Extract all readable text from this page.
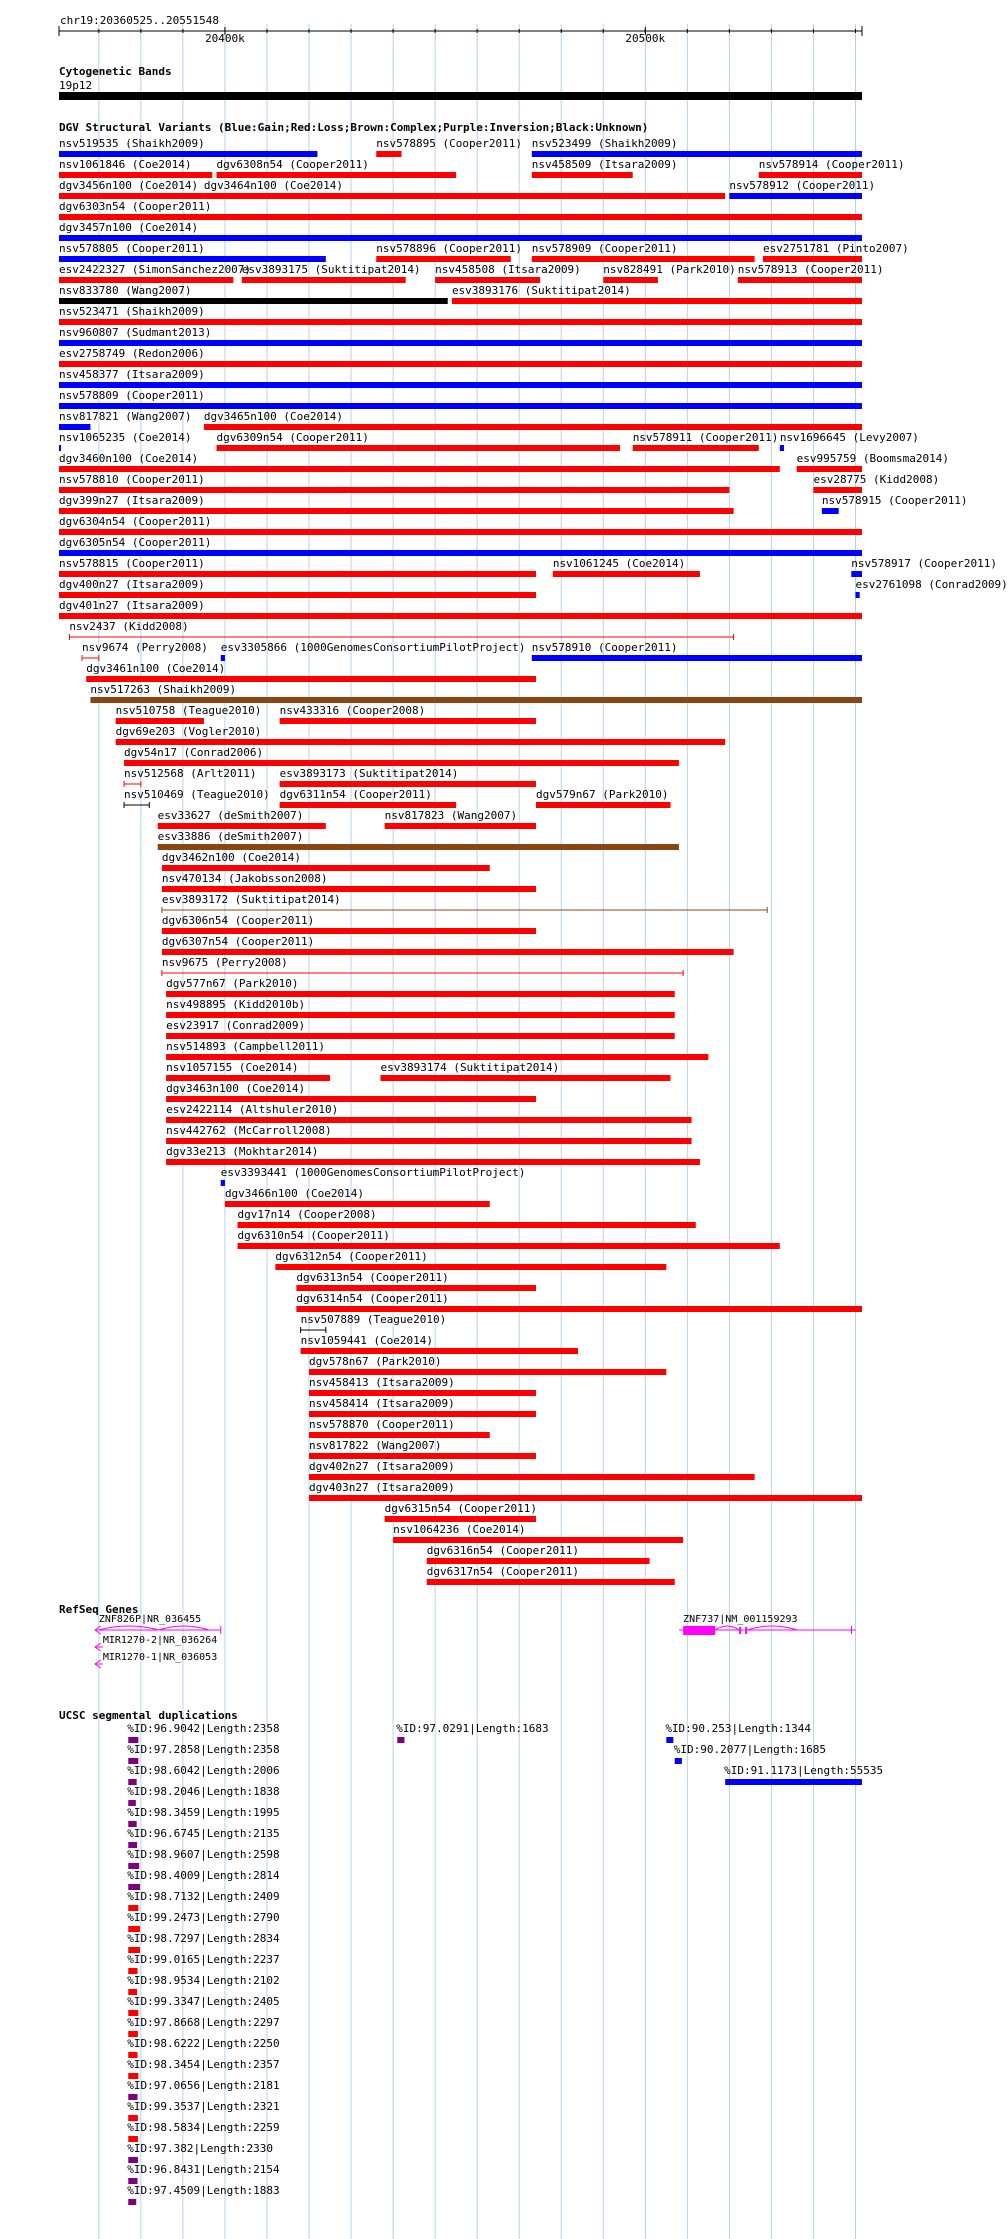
chr19:20360525..20551548
Cytogenetic Bands
19p12
DGV Structural Variants (Blue:Gain;Red:Loss;Brown:Complex;Purple:Inversion;Black:Unknown)
RefSeq Genes
UCSC segmental duplications
20400k	20500k
nsv519535 (Shaikh2009)	nsv578895 (Cooper2011) nsv523499 (Shaikh2009)
nsv1061846 (Coe2014) dgv6308n54 (Cooper2011)	nsv458509 (Itsara2009)	nsv578914 (Cooper2011)
dgv3456n100 (Coe2014) dgv3464n100 (Coe2014)	nsv578912 (Cooper2011)
dgv6303n54 (Cooper2011)
dgv3457n100 (Coe2014)
nsv578805 (Cooper2011)	nsv578896 (Cooper2011) nsv578909 (Cooper2011)	esv2751781 (Pinto2007)
esv2422327 (SimonSanchez2007)
esv3893175 (Suktitipat2014) nsv458508 (Itsara2009) nsv828491 (Park2010) nsv578913 (Cooper2011)
nsv833780 (Wang2007)	esv3893176 (Suktitipat2014)
nsv523471 (Shaikh2009)
nsv960807 (Sudmant2013)
esv2758749 (Redon2006)
nsv458377 (Itsara2009)
nsv578809 (Cooper2011)
nsv817821 (Wang2007) dgv3465n100 (Coe2014)
nsv1065235 (Coe2014) dgv6309n54 (Cooper2011)	nsv578911 (Cooper2011) nsv1696645 (Levy2007)
dgv3460n100 (Coe2014)	esv995759 (Boomsma2014)
nsv578810 (Cooper2011)	esv28775 (Kidd2008)
dgv399n27 (Itsara2009)	nsv578915 (Cooper2011)
dgv6304n54 (Cooper2011)
dgv6305n54 (Cooper2011)
nsv578815 (Cooper2011)	nsv1061245 (Coe2014)	nsv578917 (Cooper2011)
dgv400n27 (Itsara2009)	esv2761098 (Conrad2009)
dgv401n27 (Itsara2009)
nsv2437 (Kidd2008)
nsv9674 (Perry2008) esv3305866 (1000GenomesConsortiumPilotProject) nsv578910 (Cooper2011)
dgv3461n100 (Coe2014)
nsv517263 (Shaikh2009)
nsv510758 (Teague2010) nsv433316 (Cooper2008)
dgv69e203 (Vogler2010)
dgv54n17 (Conrad2006)
nsv512568 (Arlt2011) esv3893173 (Suktitipat2014)
nsv510469 (Teague2010) dgv6311n54 (Cooper2011)	dgv579n67 (Park2010)
esv33627 (deSmith2007)	nsv817823 (Wang2007)
esv33886 (deSmith2007)
dgv3462n100 (Coe2014)
nsv470134 (Jakobsson2008)
esv3893172 (Suktitipat2014)
dgv6306n54 (Cooper2011)
dgv6307n54 (Cooper2011)
nsv9675 (Perry2008)
dgv577n67 (Park2010)
nsv498895 (Kidd2010b)
esv23917 (Conrad2009)
nsv514893 (Campbell2011)
nsv1057155 (Coe2014)	esv3893174 (Suktitipat2014)
dgv3463n100 (Coe2014)
esv2422114 (Altshuler2010)
nsv442762 (McCarroll2008)
dgv33e213 (Mokhtar2014)
esv3393441 (1000GenomesConsortiumPilotProject)
dgv3466n100 (Coe2014)
dgv17n14 (Cooper2008)
dgv6310n54 (Cooper2011)
dgv6312n54 (Cooper2011)
dgv6313n54 (Cooper2011)
dgv6314n54 (Cooper2011)
nsv507889 (Teague2010)
nsv1059441 (Coe2014)
dgv578n67 (Park2010)
nsv458413 (Itsara2009)
nsv458414 (Itsara2009)
nsv578870 (Cooper2011)
nsv817822 (Wang2007)
dgv402n27 (Itsara2009)
dgv403n27 (Itsara2009)
dgv6315n54 (Cooper2011)
nsv1064236 (Coe2014)
dgv6316n54 (Cooper2011)
dgv6317n54 (Cooper2011)
ZNF826P|NR_036455	ZNF737|NM_001159293
MIR1270-2|NR_036264
MIR1270-1|NR_036053
%ID:96.9042|Length:2358	%ID:97.0291|Length:1683	%ID:90.253|Length:1344
%ID:97.2858|Length:2358	%ID:90.2077|Length:1685
%ID:98.6042|Length:2006	%ID:91.1173|Length:55535
%ID:98.2046|Length:1838
%ID:98.3459|Length:1995
%ID:96.6745|Length:2135
%ID:98.9607|Length:2598
%ID:98.4009|Length:2814
%ID:98.7132|Length:2409
%ID:99.2473|Length:2790
%ID:98.7297|Length:2834
%ID:99.0165|Length:2237
%ID:98.9534|Length:2102
%ID:99.3347|Length:2405
%ID:97.8668|Length:2297
%ID:98.6222|Length:2250
%ID:98.3454|Length:2357
%ID:97.0656|Length:2181
%ID:99.3537|Length:2321
%ID:98.5834|Length:2259
%ID:97.382|Length:2330
%ID:96.8431|Length:2154
%ID:97.4509|Length:1883
